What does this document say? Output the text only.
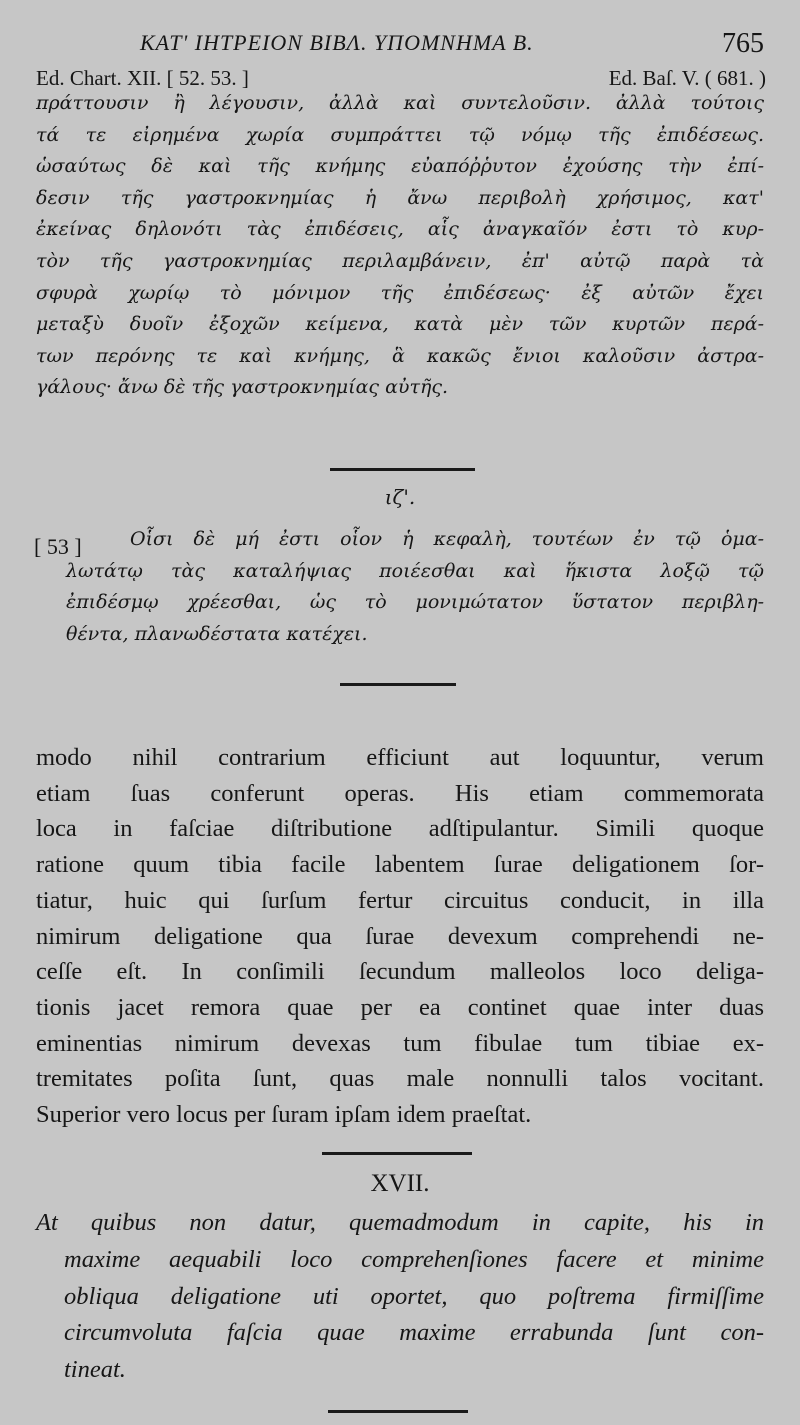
ΚΑΤ' ΙΗΤΡΕΙΟΝ ΒΙΒΛ. ΥΠΟΜΝΗΜΑ Β.	765
Ed. Chart. XII. [ 52. 53. ]	Ed. Baſ. V. ( 681. )

πράττουσιν ἢ λέγουσιν, ἀλλὰ καὶ συντελοῦσιν. ἀλλὰ τούτοις
τά τε εἰρημένα χωρία συμπράττει τῷ νόμῳ τῆς ἐπιδέσεως.
ὡσαύτως δὲ καὶ τῆς κνήμης εὐαπόῤῥυτον ἐχούσης τὴν ἐπί-
δεσιν τῆς γαστροκνημίας ἡ ἄνω περιβολὴ χρήσιμος, κατ'
ἐκείνας δηλονότι τὰς ἐπιδέσεις, αἷς ἀναγκαῖόν ἐστι τὸ κυρ-
τὸν τῆς γαστροκνημίας περιλαμβάνειν, ἐπ' αὐτῷ παρὰ τὰ
σφυρὰ χωρίῳ τὸ μόνιμον τῆς ἐπιδέσεως· ἐξ αὐτῶν ἔχει
μεταξὺ δυοῖν ἐξοχῶν κείμενα, κατὰ μὲν τῶν κυρτῶν περά-
των περόνης τε καὶ κνήμης, ἃ κακῶς ἔνιοι καλοῦσιν ἀστρα-
γάλους· ἄνω δὲ τῆς γαστροκνημίας αὐτῆς.

ιζ'.
[ 53 ]	Οἷσι δὲ μή ἐστι οἷον ἡ κεφαλὴ, τουτέων ἐν τῷ ὁμα-
λωτάτῳ τὰς καταλήψιας ποιέεσθαι καὶ ἥκιστα λοξῷ τῷ
ἐπιδέσμῳ χρέεσθαι, ὡς τὸ μονιμώτατον ὕστατον περιβλη-
θέντα, πλανωδέστατα κατέχει.

modo nihil contrarium efficiunt aut loquuntur, verum
etiam ſuas conferunt operas. His etiam commemorata
loca in faſciae diſtributione adſtipulantur. Simili quoque
ratione quum tibia facile labentem ſurae deligationem ſor-
tiatur, huic qui ſurſum fertur circuitus conducit, in illa
nimirum deligatione qua ſurae devexum comprehendi ne-
ceſſe eſt. In conſimili ſecundum malleolos loco deliga-
tionis jacet remora quae per ea continet quae inter duas
eminentias nimirum devexas tum fibulae tum tibiae ex-
tremitates poſita ſunt, quas male nonnulli talos vocitant.
Superior vero locus per ſuram ipſam idem praeſtat.

XVII.

At quibus non datur, quemadmodum in capite, his in
maxime aequabili loco comprehenſiones facere et minime
obliqua deligatione uti oportet, quo poſtrema firmiſſime
circumvoluta faſcia quae maxime errabunda ſunt con-
tineat.
